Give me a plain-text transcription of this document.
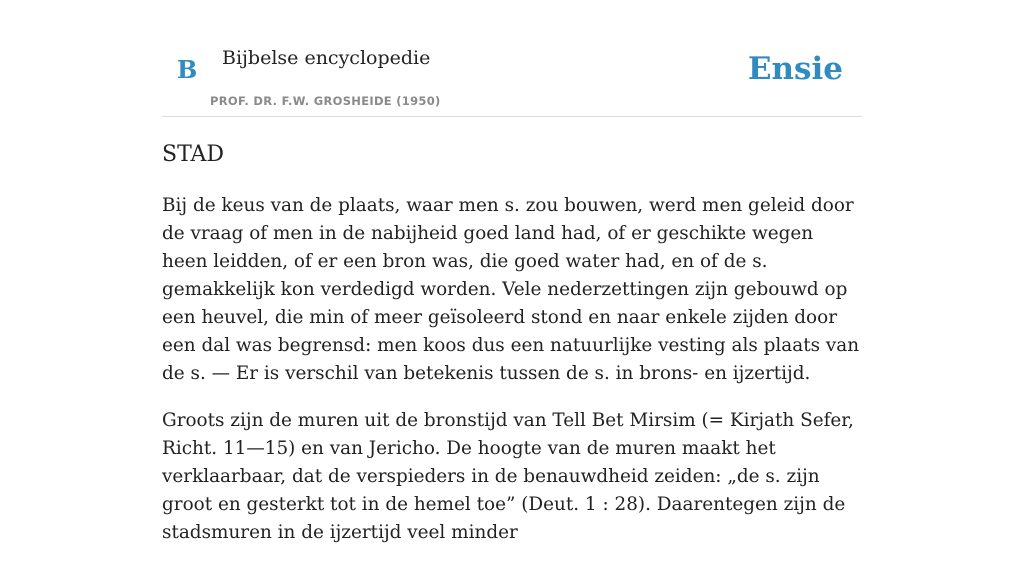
B Bijbelse encyclopedie
PROF. DR. F.W. GROSHEIDE (1950)
Ensie
STAD

Bij de keus van de plaats, waar men s. zou bouwen, werd men geleid door de vraag of men in de nabijheid goed land had, of er geschikte wegen heen leidden, of er een bron was, die goed water had, en of de s. gemakkelijk kon verdedigd worden. Vele nederzettingen zijn gebouwd op een heuvel, die min of meer geïsoleerd stond en naar enkele zijden door een dal was begrensd: men koos dus een natuurlijke vesting als plaats van de s. — Er is verschil van betekenis tussen de s. in brons- en ijzertijd.

Groots zijn de muren uit de bronstijd van Tell Bet Mirsim (= Kirjath Sefer, Richt. 11—15) en van Jericho. De hoogte van de muren maakt het verklaarbaar, dat de verspieders in de benauwdheid zeiden: „de s. zijn groot en gesterkt tot in de hemel toe” (Deut. 1 : 28). Daarentegen zijn de stadsmuren in de ijzertijd veel minder
